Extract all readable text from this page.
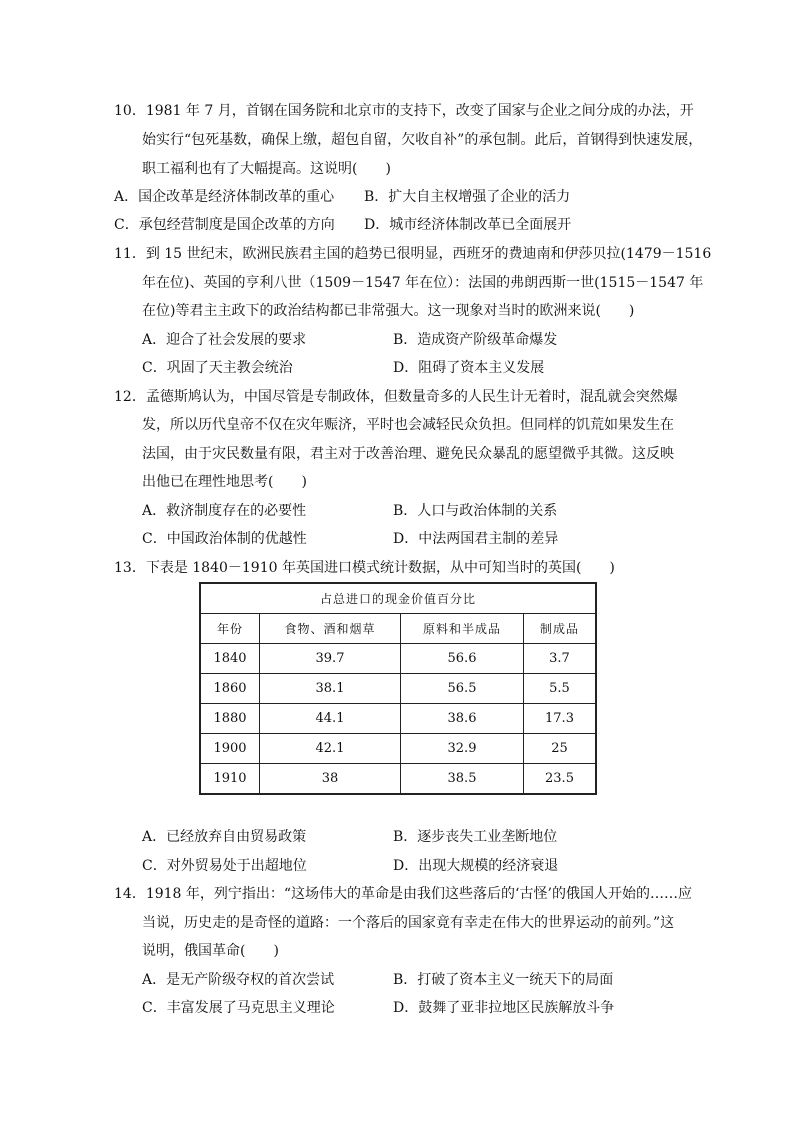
10．1981 年 7 月，首钢在国务院和北京市的支持下，改变了国家与企业之间分成的办法，开
始实行“包死基数，确保上缴，超包自留，欠收自补”的承包制。此后，首钢得到快速发展，
职工福利也有了大幅提高。这说明(　　)
A．国企改革是经济体制改革的重心 B．扩大自主权增强了企业的活力
C．承包经营制度是国企改革的方向 D．城市经济体制改革已全面展开
11．到 15 世纪末，欧洲民族君主国的趋势已很明显，西班牙的费迪南和伊莎贝拉(1479－1516
年在位)、英国的亨利八世（1509－1547 年在位）：法国的弗朗西斯一世(1515－1547 年
在位)等君主主政下的政治结构都已非常强大。这一现象对当时的欧洲来说(　　)
A．迎合了社会发展的要求	B．造成资产阶级革命爆发
C．巩固了天主教会统治	D．阻碍了资本主义发展
12．孟德斯鸠认为，中国尽管是专制政体，但数量奇多的人民生计无着时，混乱就会突然爆
发，所以历代皇帝不仅在灾年赈济，平时也会减轻民众负担。但同样的饥荒如果发生在
法国，由于灾民数量有限，君主对于改善治理、避免民众暴乱的愿望微乎其微。这反映
出他已在理性地思考(　　)
A．救济制度存在的必要性	B．人口与政治体制的关系
C．中国政治体制的优越性	D．中法两国君主制的差异
13．下表是 1840－1910 年英国进口模式统计数据，从中可知当时的英国(　　)
占总进口的现金价值百分比			
年份	食物、酒和烟草	原料和半成品	制成品
1840	39.7	56.6	3.7
1860	38.1	56.5	5.5
1880	44.1	38.6	17.3
1900	42.1	32.9	25
1910	38	38.5	23.5
A．已经放弃自由贸易政策	B．逐步丧失工业垄断地位
C．对外贸易处于出超地位	D．出现大规模的经济衰退
14．1918 年，列宁指出：“这场伟大的革命是由我们这些落后的‘古怪’的俄国人开始的……应
当说，历史走的是奇怪的道路：一个落后的国家竟有幸走在伟大的世界运动的前列。”这
说明，俄国革命(　　)
A．是无产阶级夺权的首次尝试	B．打破了资本主义一统天下的局面
C．丰富发展了马克思主义理论	D．鼓舞了亚非拉地区民族解放斗争
